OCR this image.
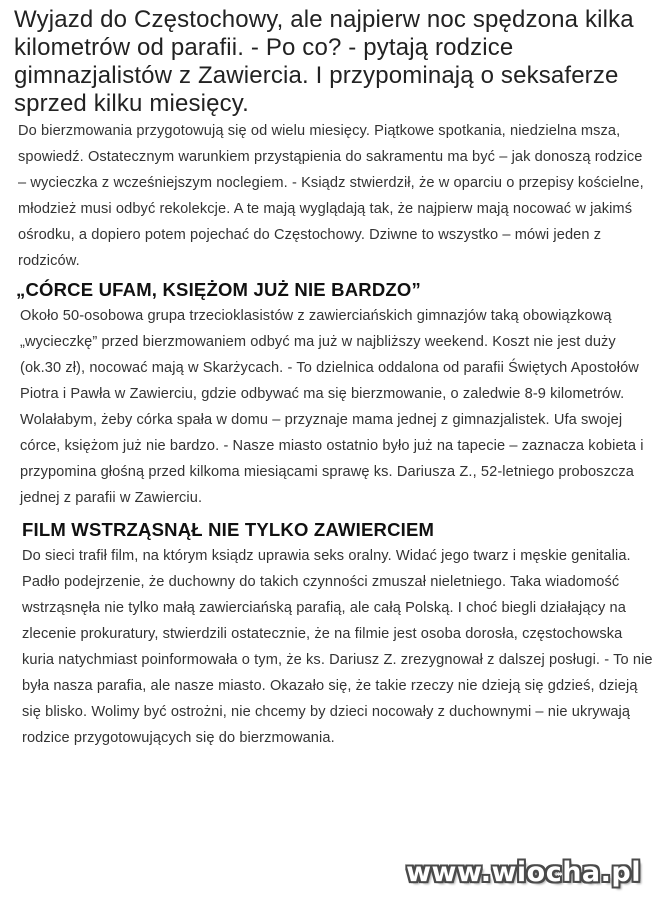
Wyjazd do Częstochowy, ale najpierw noc spędzona kilka kilometrów od parafii. - Po co? - pytają rodzice gimnazjalistów z Zawiercia. I przypominają o seksaferze sprzed kilku miesięcy.

Do bierzmowania przygotowują się od wielu miesięcy. Piątkowe spotkania, niedzielna msza, spowiedź. Ostatecznym warunkiem przystąpienia do sakramentu ma być – jak donoszą rodzice – wycieczka z wcześniejszym noclegiem. - Ksiądz stwierdził, że w oparciu o przepisy kościelne, młodzież musi odbyć rekolekcje. A te mają wyglądają tak, że najpierw mają nocować w jakimś ośrodku, a dopiero potem pojechać do Częstochowy. Dziwne to wszystko – mówi jeden z rodziców.

„CÓRCE UFAM, KSIĘŻOM JUŻ NIE BARDZO”

Około 50-osobowa grupa trzecioklasistów z zawierciańskich gimnazjów taką obowiązkową „wycieczkę” przed bierzmowaniem odbyć ma już w najbliższy weekend. Koszt nie jest duży (ok.30 zł), nocować mają w Skarżycach. - To dzielnica oddalona od parafii Świętych Apostołów Piotra i Pawła w Zawierciu, gdzie odbywać ma się bierzmowanie, o zaledwie 8-9 kilometrów. Wolałabym, żeby córka spała w domu – przyznaje mama jednej z gimnazjalistek. Ufa swojej córce, księżom już nie bardzo. - Nasze miasto ostatnio było już na tapecie – zaznacza kobieta i przypomina głośną przed kilkoma miesiącami sprawę ks. Dariusza Z., 52-letniego proboszcza jednej z parafii w Zawierciu.

FILM WSTRZĄSNĄŁ NIE TYLKO ZAWIERCIEM

Do sieci trafił film, na którym ksiądz uprawia seks oralny. Widać jego twarz i męskie genitalia. Padło podejrzenie, że duchowny do takich czynności zmuszał nieletniego. Taka wiadomość wstrząsnęła nie tylko małą zawierciańską parafią, ale całą Polską. I choć biegli działający na zlecenie prokuratury, stwierdzili ostatecznie, że na filmie jest osoba dorosła, częstochowska kuria natychmiast poinformowała o tym, że ks. Dariusz Z. zrezygnował z dalszej posługi. - To nie była nasza parafia, ale nasze miasto. Okazało się, że takie rzeczy nie dzieją się gdzieś, dzieją się blisko. Wolimy być ostrożni, nie chcemy by dzieci nocowały z duchownymi – nie ukrywają rodzice przygotowujących się do bierzmowania.

www.wiocha.pl
